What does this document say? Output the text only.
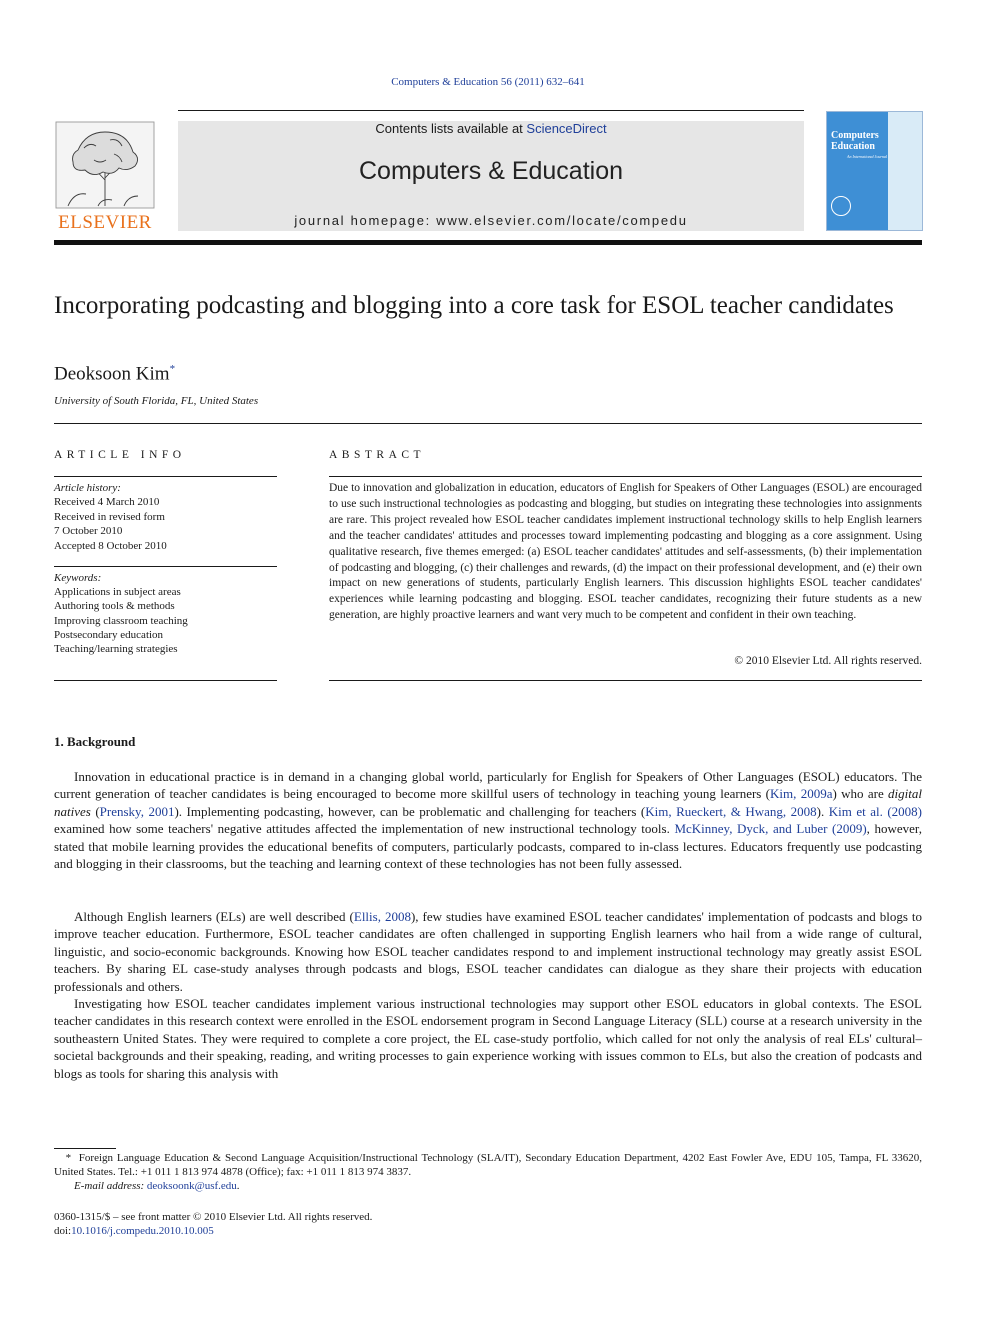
Computers & Education 56 (2011) 632–641
ELSEVIER
Contents lists available at ScienceDirect
Computers & Education
journal homepage: www.elsevier.com/locate/compedu
Computers
Education
An International Journal
Incorporating podcasting and blogging into a core task for ESOL teacher candidates
Deoksoon Kim*
University of South Florida, FL, United States
ARTICLE INFO
Article history:
Received 4 March 2010
Received in revised form
7 October 2010
Accepted 8 October 2010
Keywords:
Applications in subject areas
Authoring tools & methods
Improving classroom teaching
Postsecondary education
Teaching/learning strategies
ABSTRACT
Due to innovation and globalization in education, educators of English for Speakers of Other Languages (ESOL) are encouraged to use such instructional technologies as podcasting and blogging, but studies on integrating these technologies into assignments are rare. This project revealed how ESOL teacher candidates implement instructional technology skills to help English learners and the teacher candidates' attitudes and processes toward implementing podcasting and blogging as a core assignment. Using qualitative research, five themes emerged: (a) ESOL teacher candidates' attitudes and self-assessments, (b) their implementation of podcasting and blogging, (c) their challenges and rewards, (d) the impact on their professional development, and (e) their own impact on new generations of students, particularly English learners. This discussion highlights ESOL teacher candidates' experiences while learning podcasting and blogging. ESOL teacher candidates, recognizing their future students as a new generation, are highly proactive learners and want very much to be competent and confident in their own teaching.
© 2010 Elsevier Ltd. All rights reserved.
1. Background
Innovation in educational practice is in demand in a changing global world, particularly for English for Speakers of Other Languages (ESOL) educators. The current generation of teacher candidates is being encouraged to become more skillful users of technology in teaching young learners (Kim, 2009a) who are digital natives (Prensky, 2001). Implementing podcasting, however, can be problematic and challenging for teachers (Kim, Rueckert, & Hwang, 2008). Kim et al. (2008) examined how some teachers' negative attitudes affected the implementation of new instructional technology tools. McKinney, Dyck, and Luber (2009), however, stated that mobile learning provides the educational benefits of computers, particularly podcasts, compared to in-class lectures. Educators frequently use podcasting and blogging in their classrooms, but the teaching and learning context of these technologies has not been fully assessed.
Although English learners (ELs) are well described (Ellis, 2008), few studies have examined ESOL teacher candidates' implementation of podcasts and blogs to improve teacher education. Furthermore, ESOL teacher candidates are often challenged in supporting English learners who hail from a wide range of cultural, linguistic, and socio-economic backgrounds. Knowing how ESOL teacher candidates respond to and implement instructional technology may greatly assist ESOL teachers. By sharing EL case-study analyses through podcasts and blogs, ESOL teacher candidates can dialogue as they share their projects with education professionals and others.
Investigating how ESOL teacher candidates implement various instructional technologies may support other ESOL educators in global contexts. The ESOL teacher candidates in this research context were enrolled in the ESOL endorsement program in Second Language Literacy (SLL) course at a research university in the southeastern United States. They were required to complete a core project, the EL case-study portfolio, which called for not only the analysis of real ELs' cultural–societal backgrounds and their speaking, reading, and writing processes to gain experience working with issues common to ELs, but also the creation of podcasts and blogs as tools for sharing this analysis with
* Foreign Language Education & Second Language Acquisition/Instructional Technology (SLA/IT), Secondary Education Department, 4202 East Fowler Ave, EDU 105, Tampa, FL 33620, United States. Tel.: +1 011 1 813 974 4878 (Office); fax: +1 011 1 813 974 3837.
E-mail address: deoksoonk@usf.edu.
0360-1315/$ – see front matter © 2010 Elsevier Ltd. All rights reserved.
doi:10.1016/j.compedu.2010.10.005
